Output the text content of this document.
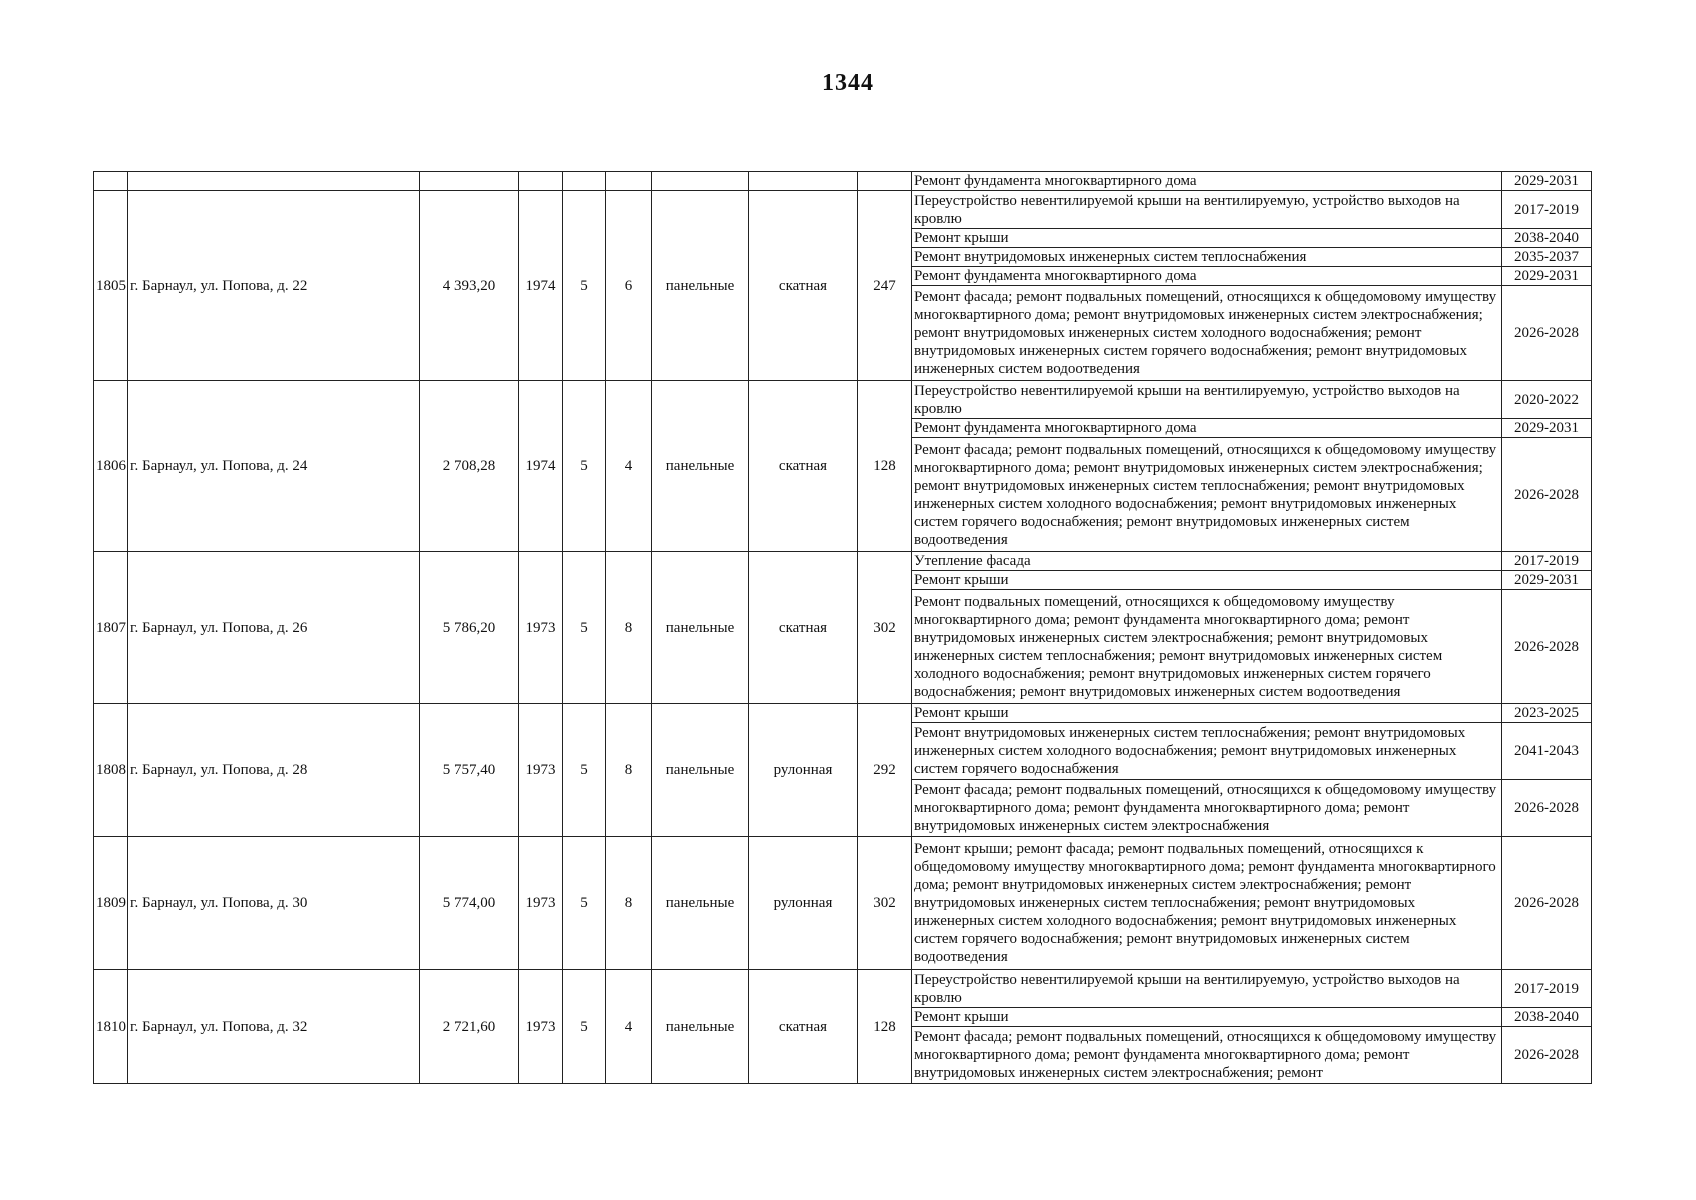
1344
									Ремонт фундамента многоквартирного дома	2029-2031
1805	г. Барнаул, ул. Попова, д. 22	4 393,20	1974	5	6	панельные	скатная	247	Переустройство невентилируемой крыши на вентилируемую, устройство выходов на кровлю	2017-2019
									Ремонт крыши	2038-2040
									Ремонт внутридомовых инженерных систем теплоснабжения	2035-2037
									Ремонт фундамента многоквартирного дома	2029-2031
									Ремонт фасада; ремонт подвальных помещений, относящихся к общедомовому имуществу многоквартирного дома; ремонт внутридомовых инженерных систем электроснабжения; ремонт внутридомовых инженерных систем холодного водоснабжения; ремонт внутридомовых инженерных систем горячего водоснабжения; ремонт внутридомовых инженерных систем водоотведения	2026-2028
1806	г. Барнаул, ул. Попова, д. 24	2 708,28	1974	5	4	панельные	скатная	128	Переустройство невентилируемой крыши на вентилируемую, устройство выходов на кровлю	2020-2022
									Ремонт фундамента многоквартирного дома	2029-2031
									Ремонт фасада; ремонт подвальных помещений, относящихся к общедомовому имуществу многоквартирного дома; ремонт внутридомовых инженерных систем электроснабжения; ремонт внутридомовых инженерных систем теплоснабжения; ремонт внутридомовых инженерных систем холодного водоснабжения; ремонт внутридомовых инженерных систем горячего водоснабжения; ремонт внутридомовых инженерных систем водоотведения	2026-2028
1807	г. Барнаул, ул. Попова, д. 26	5 786,20	1973	5	8	панельные	скатная	302	Утепление фасада	2017-2019
									Ремонт крыши	2029-2031
									Ремонт подвальных помещений, относящихся к общедомовому имуществу многоквартирного дома; ремонт фундамента многоквартирного дома; ремонт внутридомовых инженерных систем электроснабжения; ремонт внутридомовых инженерных систем теплоснабжения; ремонт внутридомовых инженерных систем холодного водоснабжения; ремонт внутридомовых инженерных систем горячего водоснабжения; ремонт внутридомовых инженерных систем водоотведения	2026-2028
1808	г. Барнаул, ул. Попова, д. 28	5 757,40	1973	5	8	панельные	рулонная	292	Ремонт крыши	2023-2025
									Ремонт внутридомовых инженерных систем теплоснабжения; ремонт внутридомовых инженерных систем холодного водоснабжения; ремонт внутридомовых инженерных систем горячего водоснабжения	2041-2043
									Ремонт фасада; ремонт подвальных помещений, относящихся к общедомовому имуществу многоквартирного дома; ремонт фундамента многоквартирного дома; ремонт внутридомовых инженерных систем электроснабжения	2026-2028
1809	г. Барнаул, ул. Попова, д. 30	5 774,00	1973	5	8	панельные	рулонная	302	Ремонт крыши; ремонт фасада; ремонт подвальных помещений, относящихся к общедомовому имуществу многоквартирного дома; ремонт фундамента многоквартирного дома; ремонт внутридомовых инженерных систем электроснабжения; ремонт внутридомовых инженерных систем теплоснабжения; ремонт внутридомовых инженерных систем холодного водоснабжения; ремонт внутридомовых инженерных систем горячего водоснабжения; ремонт внутридомовых инженерных систем водоотведения	2026-2028
1810	г. Барнаул, ул. Попова, д. 32	2 721,60	1973	5	4	панельные	скатная	128	Переустройство невентилируемой крыши на вентилируемую, устройство выходов на кровлю	2017-2019
									Ремонт крыши	2038-2040
									Ремонт фасада; ремонт подвальных помещений, относящихся к общедомовому имуществу многоквартирного дома; ремонт фундамента многоквартирного дома; ремонт внутридомовых инженерных систем электроснабжения; ремонт	2026-2028
